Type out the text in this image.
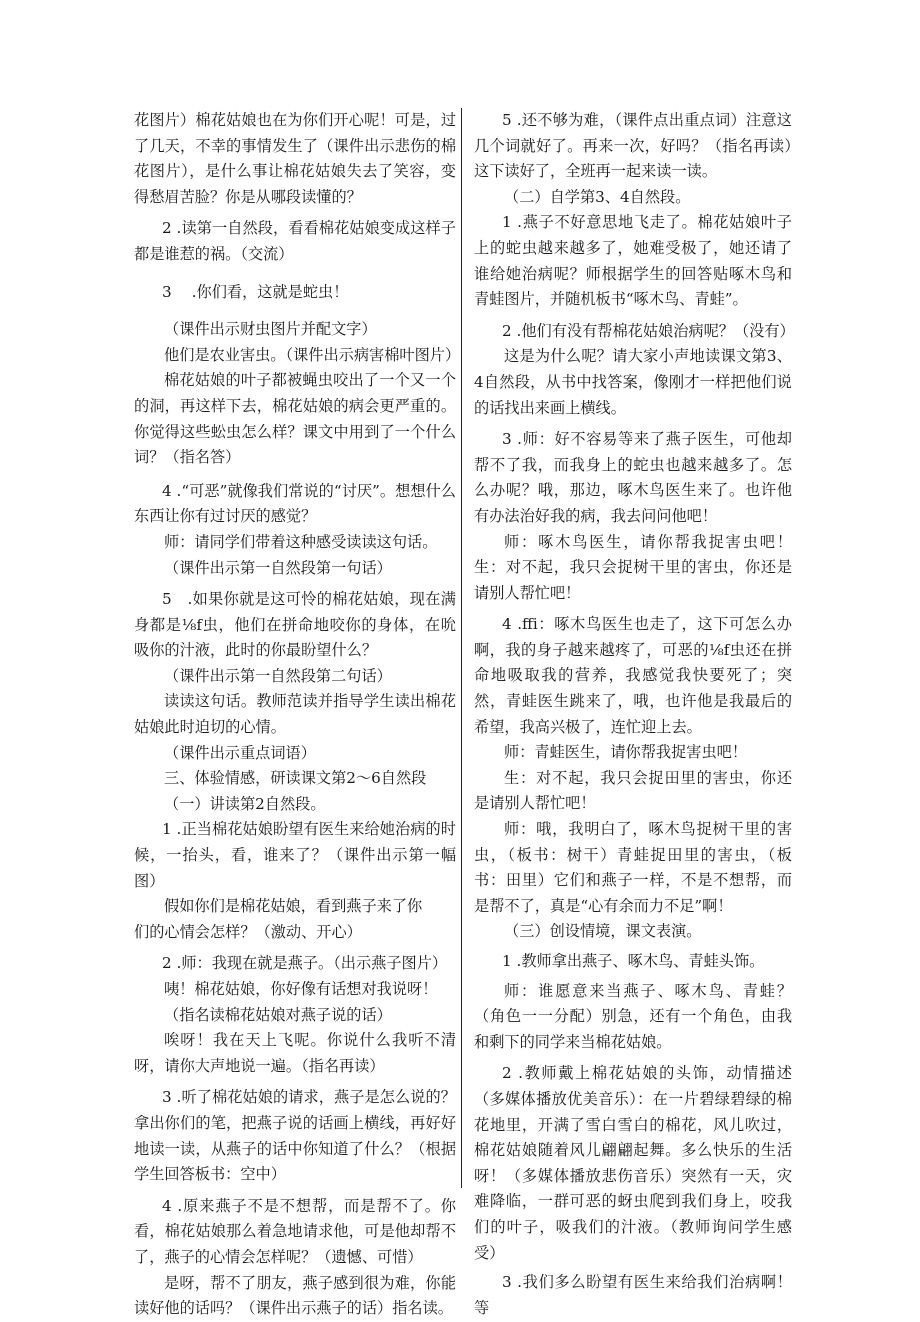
花图片）棉花姑娘也在为你们开心呢！可是，过了几天，不幸的事情发生了（课件出示悲伤的棉花图片），是什么事让棉花姑娘失去了笑容，变得愁眉苦脸？你是从哪段读懂的？

2 .读第一自然段，看看棉花姑娘变成这样子都是谁惹的祸。（交流）

3　 .你们看，这就是蛇虫！

（课件出示财虫图片并配文字）

他们是农业害虫。（课件出示病害棉叶图片）

棉花姑娘的叶子都被蝇虫咬出了一个又一个的洞，再这样下去，棉花姑娘的病会更严重的。你觉得这些蚣虫怎么样？课文中用到了一个什么词？（指名答）

4 .“可恶”就像我们常说的“讨厌”。想想什么东西让你有过讨厌的感觉？

师：请同学们带着这种感受读读这句话。

（课件出示第一自然段第一句话）

5　.如果你就是这可怜的棉花姑娘，现在满身都是⅛f虫，他们在拼命地咬你的身体，在吮吸你的汁液，此时的你最盼望什么？

（课件出示第一自然段第二句话）

读读这句话。教师范读并指导学生读出棉花姑娘此时迫切的心情。

（课件出示重点词语）

三、体验情感，研读课文第2〜6自然段

（一）讲读第2自然段。

1 .正当棉花姑娘盼望有医生来给她治病的时候，一抬头，看，谁来了？（课件出示第一幅图）

假如你们是棉花姑娘，看到燕子来了你

们的心情会怎样？（激动、开心）

2 .师：我现在就是燕子。（出示燕子图片）

咦！棉花姑娘，你好像有话想对我说呀！

（指名读棉花姑娘对燕子说的话）

唉呀！我在天上飞呢。你说什么我听不清呀，请你大声地说一遍。（指名再读）

3 .听了棉花姑娘的请求，燕子是怎么说的？拿出你们的笔，把燕子说的话画上横线，再好好地读一读，从燕子的话中你知道了什么？（根据学生回答板书：空中）

4 .原来燕子不是不想帮，而是帮不了。你看，棉花姑娘那么着急地请求他，可是他却帮不了，燕子的心情会怎样呢？（遗憾、可惜）

是呀，帮不了朋友，燕子感到很为难，你能读好他的话吗？（课件出示燕子的话）指名读。

5 .还不够为难，（课件点出重点词）注意这几个词就好了。再来一次，好吗？（指名再读）这下读好了，全班再一起来读一读。

（二）自学第3、4自然段。

1 .燕子不好意思地飞走了。棉花姑娘叶子上的蛇虫越来越多了，她难受极了，她还请了谁给她治病呢？师根据学生的回答贴啄木鸟和青蛙图片，并随机板书“啄木鸟、青蛙”。

2 .他们有没有帮棉花姑娘治病呢？（没有）

这是为什么呢？请大家小声地读课文第3、4自然段，从书中找答案，像刚才一样把他们说的话找出来画上横线。

3 .师：好不容易等来了燕子医生，可他却帮不了我，而我身上的蛇虫也越来越多了。怎么办呢？哦，那边，啄木鸟医生来了。也许他有办法治好我的病，我去问问他吧！

师：啄木鸟医生，请你帮我捉害虫吧！生：对不起，我只会捉树干里的害虫，你还是请别人帮忙吧！

4 .ffi：啄木鸟医生也走了，这下可怎么办啊，我的身子越来越疼了，可恶的⅛f虫还在拼命地吸取我的营养，我感觉我快要死了；突然，青蛙医生跳来了，哦，也许他是我最后的希望，我高兴极了，连忙迎上去。

师：青蛙医生，请你帮我捉害虫吧！

生：对不起，我只会捉田里的害虫，你还是请别人帮忙吧！

师：哦，我明白了，啄木鸟捉树干里的害虫，（板书：树干）青蛙捉田里的害虫，（板书：田里）它们和燕子一样，不是不想帮，而是帮不了，真是“心有余而力不足”啊！

（三）创设情境，课文表演。

1 .教师拿出燕子、啄木鸟、青蛙头饰。

师：谁愿意来当燕子、啄木鸟、青蛙？（角色一一分配）别急，还有一个角色，由我和剩下的同学来当棉花姑娘。

2 .教师戴上棉花姑娘的头饰，动情描述（多媒体播放优美音乐）：在一片碧绿碧绿的棉花地里，开满了雪白雪白的棉花，风儿吹过，棉花姑娘随着风儿翩翩起舞。多么快乐的生活呀！（多媒体播放悲伤音乐）突然有一天，灾难降临，一群可恶的蚜虫爬到我们身上，咬我们的叶子，吸我们的汁液。（教师询问学生感受）

3 .我们多么盼望有医生来给我们治病啊！等
